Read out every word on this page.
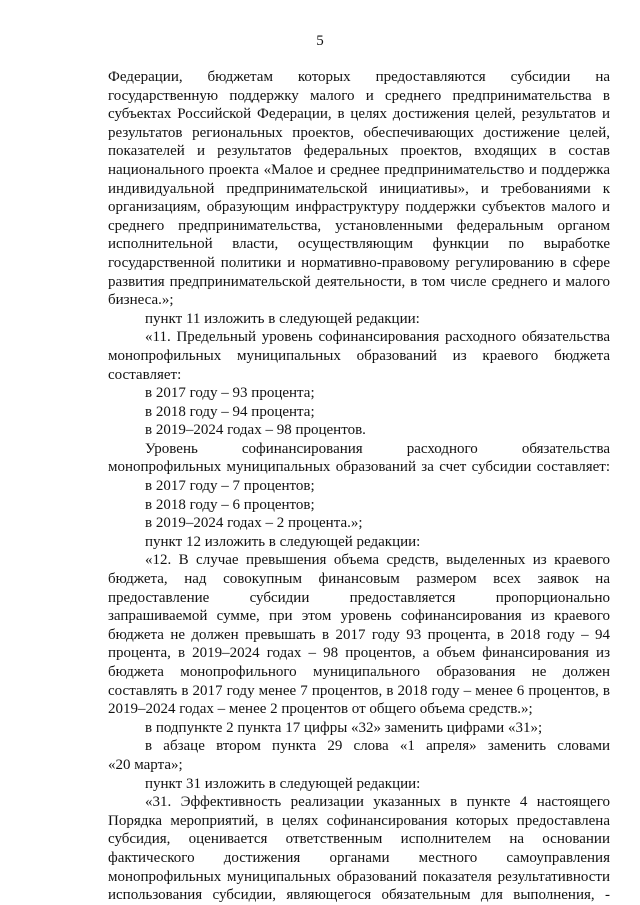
5
Федерации, бюджетам которых предоставляются субсидии на
государственную поддержку малого и среднего предпринимательства в
субъектах Российской Федерации, в целях достижения целей, результатов и
результатов региональных проектов, обеспечивающих достижение целей,
показателей и результатов федеральных проектов, входящих в состав
национального проекта «Малое и среднее предпринимательство и поддержка
индивидуальной предпринимательской инициативы», и требованиями к
организациям, образующим инфраструктуру поддержки субъектов малого и
среднего предпринимательства, установленными федеральным органом
исполнительной власти, осуществляющим функции по выработке
государственной политики и нормативно-правовому регулированию в сфере
развития предпринимательской деятельности, в том числе среднего и малого
бизнеса.»;
пункт 11 изложить в следующей редакции:
«11. Предельный уровень софинансирования расходного обязательства
монопрофильных муниципальных образований из краевого бюджета
составляет:
в 2017 году – 93 процента;
в 2018 году – 94 процента;
в 2019–2024 годах – 98 процентов.
Уровень софинансирования расходного обязательства
монопрофильных муниципальных образований за счет субсидии составляет:
в 2017 году – 7 процентов;
в 2018 году – 6 процентов;
в 2019–2024 годах – 2 процента.»;
пункт 12 изложить в следующей редакции:
«12. В случае превышения объема средств, выделенных из краевого
бюджета, над совокупным финансовым размером всех заявок на
предоставление субсидии предоставляется пропорционально
запрашиваемой сумме, при этом уровень софинансирования из краевого
бюджета не должен превышать в 2017 году 93 процента, в 2018 году – 94
процента, в 2019–2024 годах – 98 процентов, а объем финансирования из
бюджета монопрофильного муниципального образования не должен
составлять в 2017 году менее 7 процентов, в 2018 году – менее 6 процентов, в
2019–2024 годах – менее 2 процентов от общего объема средств.»;
в подпункте 2 пункта 17 цифры «32» заменить цифрами «31»;
в абзаце втором пункта 29 слова «1 апреля» заменить словами
«20 марта»;
пункт 31 изложить в следующей редакции:
«31. Эффективность реализации указанных в пункте 4 настоящего
Порядка мероприятий, в целях софинансирования которых предоставлена
субсидия, оценивается ответственным исполнителем на основании
фактического достижения органами местного самоуправления
монопрофильных муниципальных образований показателя результативности
использования субсидии, являющегося обязательным для выполнения, -
